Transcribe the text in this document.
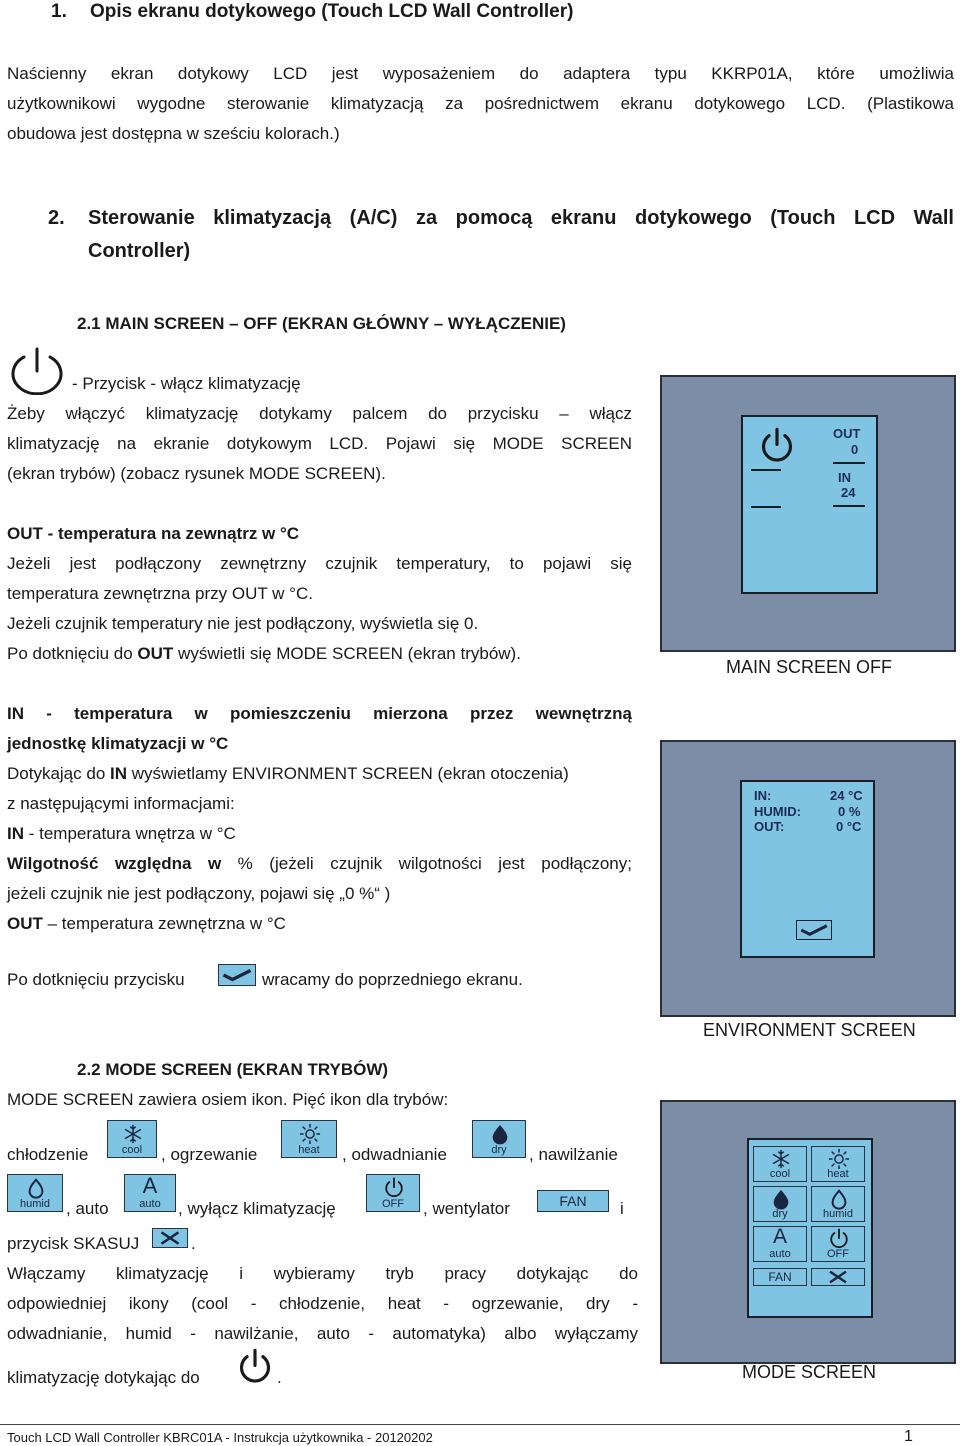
1. Opis ekranu dotykowego (Touch LCD Wall Controller)
Naścienny ekran dotykowy LCD jest wyposażeniem do adaptera typu KKRP01A, które umożliwia
użytkownikowi wygodne sterowanie klimatyzacją za pośrednictwem ekranu dotykowego LCD. (Plastikowa
obudowa jest dostępna w sześciu kolorach.)
2. Sterowanie klimatyzacją (A/C) za pomocą ekranu dotykowego (Touch LCD Wall
Controller)
2.1 MAIN SCREEN – OFF (EKRAN GŁÓWNY – WYŁĄCZENIE)
- Przycisk - włącz klimatyzację
Żeby włączyć klimatyzację dotykamy palcem do przycisku – włącz
klimatyzację na ekranie dotykowym LCD. Pojawi się MODE SCREEN
(ekran trybów) (zobacz rysunek MODE SCREEN).
OUT - temperatura na zewnątrz w °C
Jeżeli jest podłączony zewnętrzny czujnik temperatury, to pojawi się
temperatura zewnętrzna przy OUT w °C.
Jeżeli czujnik temperatury nie jest podłączony, wyświetla się 0.
Po dotknięciu do OUT wyświetli się MODE SCREEN (ekran trybów).
IN - temperatura w pomieszczeniu mierzona przez wewnętrzną
jednostkę klimatyzacji w °C
Dotykając do IN wyświetlamy ENVIRONMENT SCREEN (ekran otoczenia)
z następującymi informacjami:
IN - temperatura wnętrza w °C
Wilgotność względna w % (jeżeli czujnik wilgotności jest podłączony;
jeżeli czujnik nie jest podłączony, pojawi się „0 %“ )
OUT – temperatura zewnętrzna w °C
Po dotknięciu przycisku	wracamy do poprzedniego ekranu.
OUT
0
IN
24
MAIN SCREEN OFF
IN:	24 °C
HUMID:	0 %
OUT:	0 °C
ENVIRONMENT SCREEN
2.2 MODE SCREEN (EKRAN TRYBÓW)
MODE SCREEN zawiera osiem ikon. Pięć ikon dla trybów:
chłodzenie	cool	, ogrzewanie	heat	, odwadnianie	dry	, nawilżanie
humid , auto
A
auto	, wyłącz klimatyzację	OFF	, wentylator	FAN	i
przycisk SKASUJ	.
Włączamy klimatyzację i wybieramy tryb pracy dotykając do
odpowiedniej ikony (cool - chłodzenie, heat - ogrzewanie, dry -
odwadnianie, humid - nawilżanie, auto - automatyka) albo wyłączamy
klimatyzację dotykając do	.
cool	heat
dry	humid
A
auto	OFF
FAN
MODE SCREEN
Touch LCD Wall Controller KBRC01A - Instrukcja użytkownika - 20120202	1
